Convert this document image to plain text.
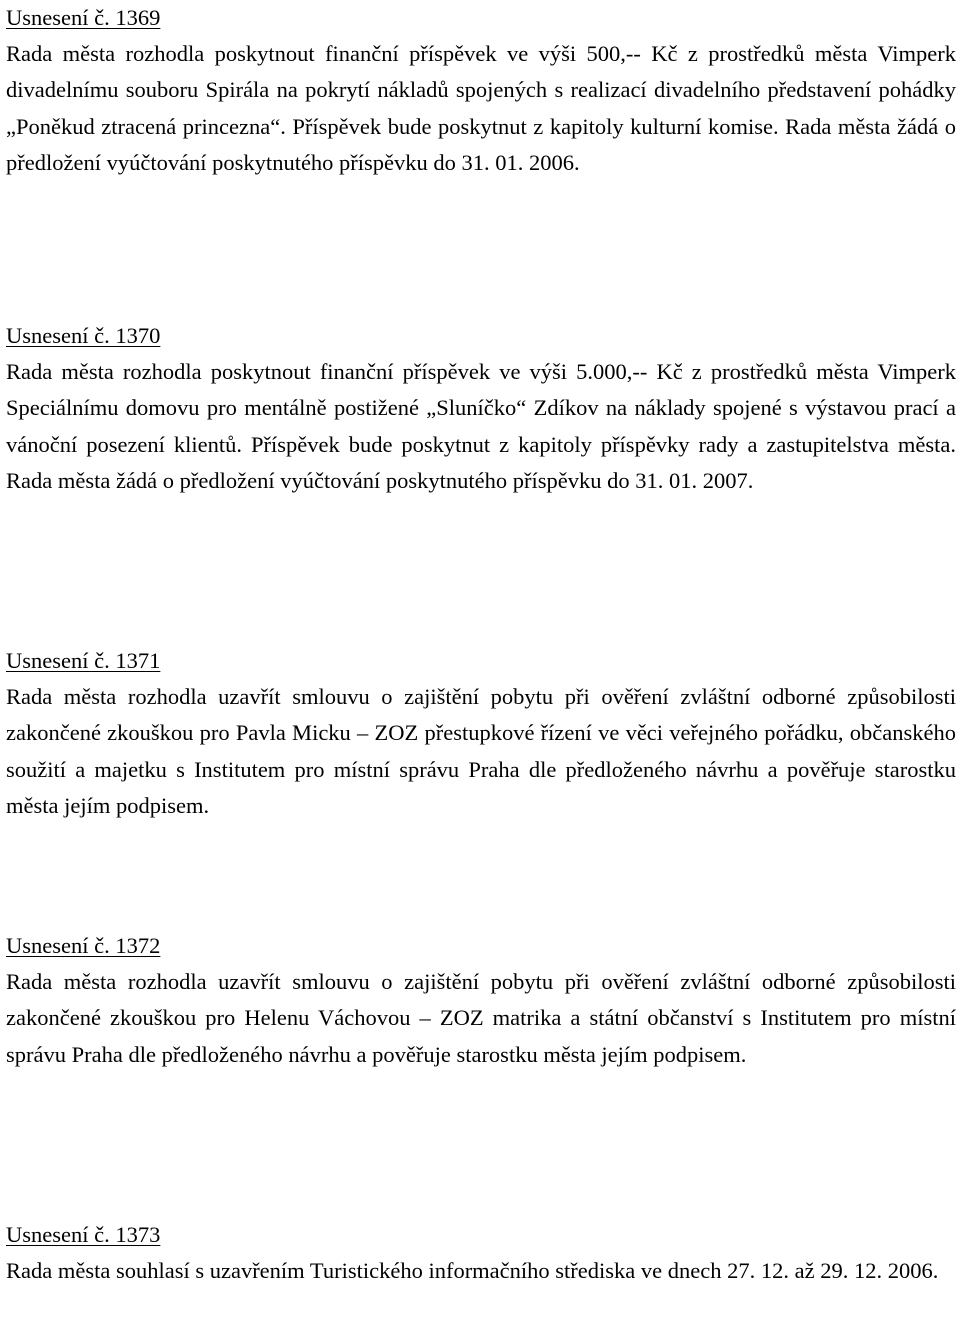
Usnesení č. 1369
Rada města rozhodla poskytnout finanční příspěvek ve výši 500,-- Kč z prostředků města Vimperk divadelnímu souboru Spirála na pokrytí nákladů spojených s realizací divadelního představení pohádky „Poněkud ztracená princezna“. Příspěvek bude poskytnut z kapitoly kulturní komise. Rada města žádá o předložení vyúčtování poskytnutého příspěvku do 31. 01. 2006.
Usnesení č. 1370
Rada města rozhodla poskytnout finanční příspěvek ve výši 5.000,-- Kč z prostředků města Vimperk Speciálnímu domovu pro mentálně postižené „Sluníčko“ Zdíkov na náklady spojené s výstavou prací a vánoční posezení klientů. Příspěvek bude poskytnut z kapitoly příspěvky rady a zastupitelstva města. Rada města žádá o předložení vyúčtování poskytnutého příspěvku do 31. 01. 2007.
Usnesení č. 1371
Rada města rozhodla uzavřít smlouvu o zajištění pobytu při ověření zvláštní odborné způsobilosti zakončené zkouškou pro Pavla Micku – ZOZ přestupkové řízení ve věci veřejného pořádku, občanského soužití a majetku s Institutem pro místní správu Praha dle předloženého návrhu a pověřuje starostku města jejím podpisem.
Usnesení č. 1372
Rada města rozhodla uzavřít smlouvu o zajištění pobytu při ověření zvláštní odborné způsobilosti zakončené zkouškou pro Helenu Váchovou – ZOZ matrika a státní občanství s Institutem pro místní správu Praha dle předloženého návrhu a pověřuje starostku města jejím podpisem.
Usnesení č. 1373
Rada města souhlasí s uzavřením Turistického informačního střediska ve dnech 27. 12. až 29. 12. 2006.
